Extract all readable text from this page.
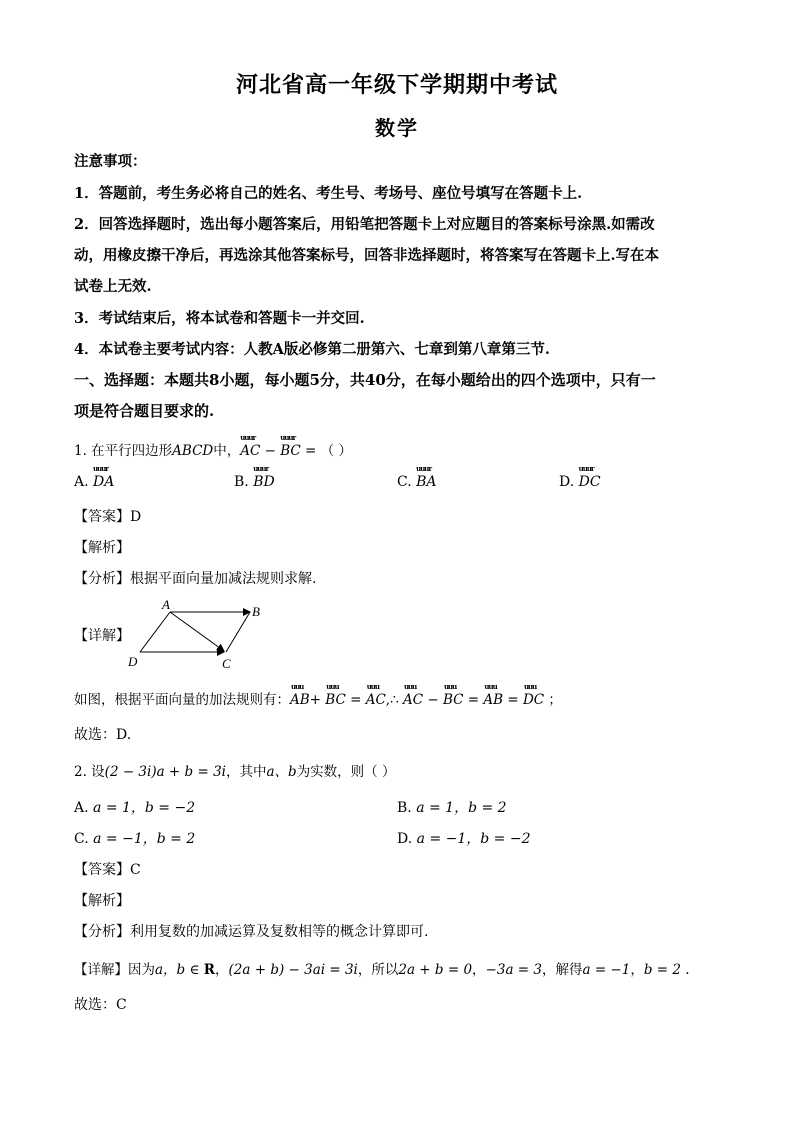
河北省高一年级下学期期中考试
数学
注意事项：
1．答题前，考生务必将自己的姓名、考生号、考场号、座位号填写在答题卡上.
2．回答选择题时，选出每小题答案后，用铅笔把答题卡上对应题目的答案标号涂黑.如需改
动，用橡皮擦干净后，再选涂其他答案标号，回答非选择题时，将答案写在答题卡上.写在本
试卷上无效.
3．考试结束后，将本试卷和答题卡一并交回.
4．本试卷主要考试内容：人教A版必修第二册第六、七章到第八章第三节.
一、选择题：本题共8小题，每小题5分，共40分，在每小题给出的四个选项中，只有一
项是符合题目要求的.
1. 在平行四边形ABCD中，uuur AC − uuur BC = （ ）
A. uuur DA	B. uuur BD	C. uuur BA	D. uuur DC
【答案】D
【解析】
【分析】根据平面向量加减法规则求解.
【详解】
A	B
C
D
如图，根据平面向量的加法规则有：uuu AB+ uuu BC = uuu AC,∴ uuu AC − uuu BC = uuu AB = uuu DC ；
故选：D.
2. 设(2 − 3i)a + b = 3i，其中a、b为实数，则（ ）
A. a = 1，b = −2	B. a = 1，b = 2
C. a = −1，b = 2	D. a = −1，b = −2
【答案】C
【解析】
【分析】利用复数的加减运算及复数相等的概念计算即可.
【详解】因为a，b ∈ R，(2a + b) − 3ai = 3i，所以2a + b = 0，−3a = 3，解得a = −1，b = 2 .
故选：C
